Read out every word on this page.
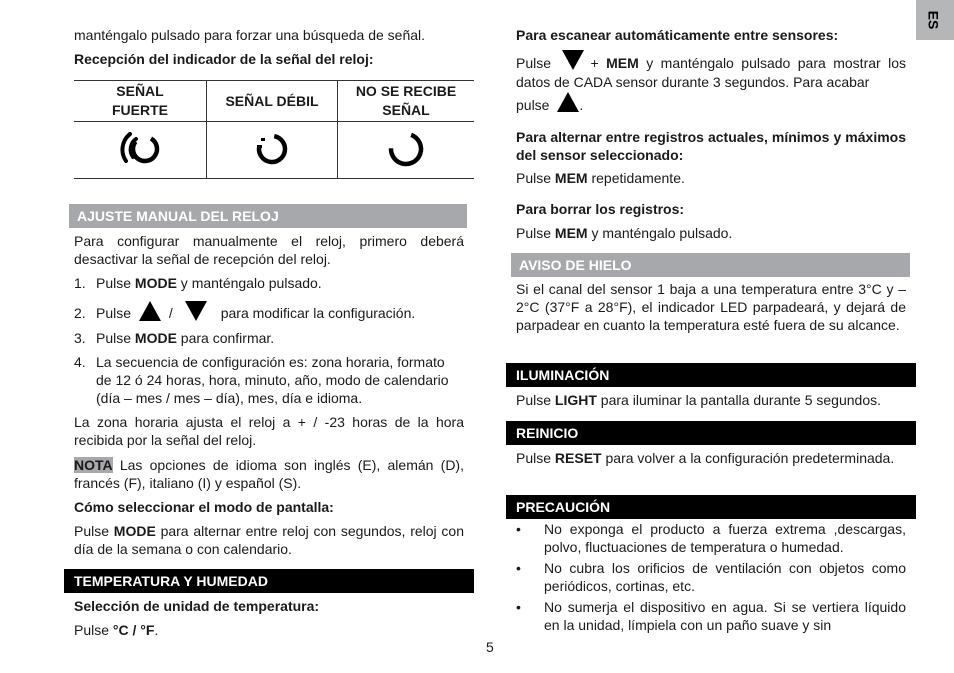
ES

manténgalo pulsado para forzar una búsqueda de señal.

Recepción del indicador de la señal del reloj:

SEÑAL
FUERTE	SEÑAL DÉBIL	NO SE RECIBE
SEÑAL

AJUSTE MANUAL DEL RELOJ

Para configurar manualmente el reloj, primero deberá desactivar la señal de recepción del reloj.

1. Pulse MODE y manténgalo pulsado.
2. Pulse	/	para modificar la configuración.
3. Pulse MODE para confirmar.
4. La secuencia de configuración es: zona horaria, formato de 12 ó 24 horas, hora, minuto, año, modo de calendario (día – mes / mes – día), mes, día e idioma.

La zona horaria ajusta el reloj a + / -23 horas de la hora recibida por la señal del reloj.

NOTA Las opciones de idioma son inglés (E), alemán (D), francés (F), italiano (I) y español (S).

Cómo seleccionar el modo de pantalla:

Pulse MODE para alternar entre reloj con segundos, reloj con día de la semana o con calendario.

TEMPERATURA Y HUMEDAD

Selección de unidad de temperatura:

Pulse °C / °F.

Para escanear automáticamente entre sensores:

Pulse	+ MEM y manténgalo pulsado para mostrar los datos de CADA sensor durante 3 segundos. Para acabar
pulse .

Para alternar entre registros actuales, mínimos y máximos del sensor seleccionado:

Pulse MEM repetidamente.

Para borrar los registros:

Pulse MEM y manténgalo pulsado.

AVISO DE HIELO

Si el canal del sensor 1 baja a una temperatura entre 3°C y –2°C (37°F a 28°F), el indicador LED parpadeará, y dejará de parpadear en cuanto la temperatura esté fuera de su alcance.

ILUMINACIÓN

Pulse LIGHT para iluminar la pantalla durante 5 segundos.

REINICIO

Pulse RESET para volver a la configuración predeterminada.

PRECAUCIÓN
• No exponga el producto a fuerza extrema ,descargas, polvo, fluctuaciones de temperatura o humedad.
• No cubra los orificios de ventilación con objetos como periódicos, cortinas, etc.
• No sumerja el dispositivo en agua. Si se vertiera líquido en la unidad, límpiela con un paño suave y sin
5
